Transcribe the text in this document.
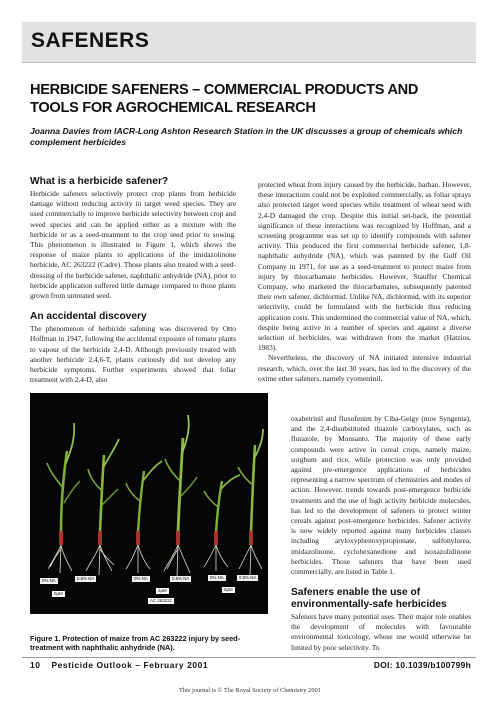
SAFENERS
HERBICIDE SAFENERS – COMMERCIAL PRODUCTS AND TOOLS FOR AGROCHEMICAL RESEARCH

Joanna Davies from IACR-Long Ashton Research Station in the UK discusses a group of chemicals which complement herbicides

What is a herbicide safener?

Herbicide safeners selectively protect crop plants from herbicide damage without reducing activity in target weed species. They are used commercially to improve herbicide selectivity between crop and weed species and can be applied either as a mixture with the herbicide or as a seed-treatment to the crop seed prior to sowing. This phenomenon is illustrated in Figure 1, which shows the response of maize plants to applications of the imidazolinone herbicide, AC 263222 (Cadre). Those plants also treated with a seed-dressing of the herbicide safener, naphthalic anhydride (NA), prior to herbicide application suffered little damage compared to those plants grown from untreated seed.

An accidental discovery

The phenomenon of herbicide safening was discovered by Otto Hoffman in 1947, following the accidental exposure of tomato plants to vapour of the herbicide 2,4-D. Although previously treated with another herbicide 2,4,6-T, plants curiously did not develop any herbicide symptoms. Further experiments showed that foliar treatment with 2,4-D, also

protected wheat from injury caused by the herbicide, barban. However, these interactions could not be exploited commercially, as foliar sprays also protected target weed species while treatment of wheat seed with 2,4-D damaged the crop. Despite this initial set-back, the potential significance of these interactions was recognized by Hoffman, and a screening programme was set up to identify compounds with safener activity. This produced the first commercial herbicide safener, 1,8-naphthalic anhydride (NA), which was patented by the Gulf Oil Company in 1971, for use as a seed-treatment to protect maize from injury by thiocarbamate herbicides. However, Stauffer Chemical Company, who marketed the thiocarbamates, subsequently patented their own safener, dichlormid. Unlike NA, dichlormid, with its superior selectivity, could be formulated with the herbicide thus reducing application costs. This undermined the commercial value of NA, which, despite being active in a number of species and against a diverse selection of herbicides, was withdrawn from the market (Hatzios, 1983).

Nevertheless, the discovery of NA initiated intensive industrial research, which, over the last 30 years, has led to the discovery of the oxime ether safeners, namely cyometrinil,

oxabetrinil and fluxofenim by Ciba-Geigy (now Syngenta), and the 2,4-disubstituted thiazole carboxylates, such as flurazole, by Monsanto. The majority of these early compounds were active in cereal crops, namely maize, sorghum and rice, while protection was only provided against pre-emergence applications of herbicides representing a narrow spectrum of chemistries and modes of action. However, trends towards post-emergence herbicide treatments and the use of high activity herbicide molecules, has led to the development of safeners to protect winter cereals against post-emergence herbicides. Safener activity is now widely reported against many herbicides classes including aryloxyphenoxypropionate, sulfonylurea, imidazolinone, cyclohexanedione and isoxazolidinone herbicides. Those safeners that have been used commercially, are listed in Table 1.

Safeners enable the use of environmentally-safe herbicides

Safeners have many potential uses. Their major role enables the development of molecules with favourable environmental toxicology, whose use would otherwise be limited by poor selectivity. To

0% NA	0.5% NA	0% NA	0.5% NA	0% NA	0.5% NA
0µM
2µM	8µM
AC 263222

Figure 1. Protection of maize from AC 263222 injury by seed-treatment with naphthalic anhydride (NA).

10 Pesticide Outlook – February 2001	DOI: 10.1039/b100799h
This journal is © The Royal Society of Chemistry 2001
